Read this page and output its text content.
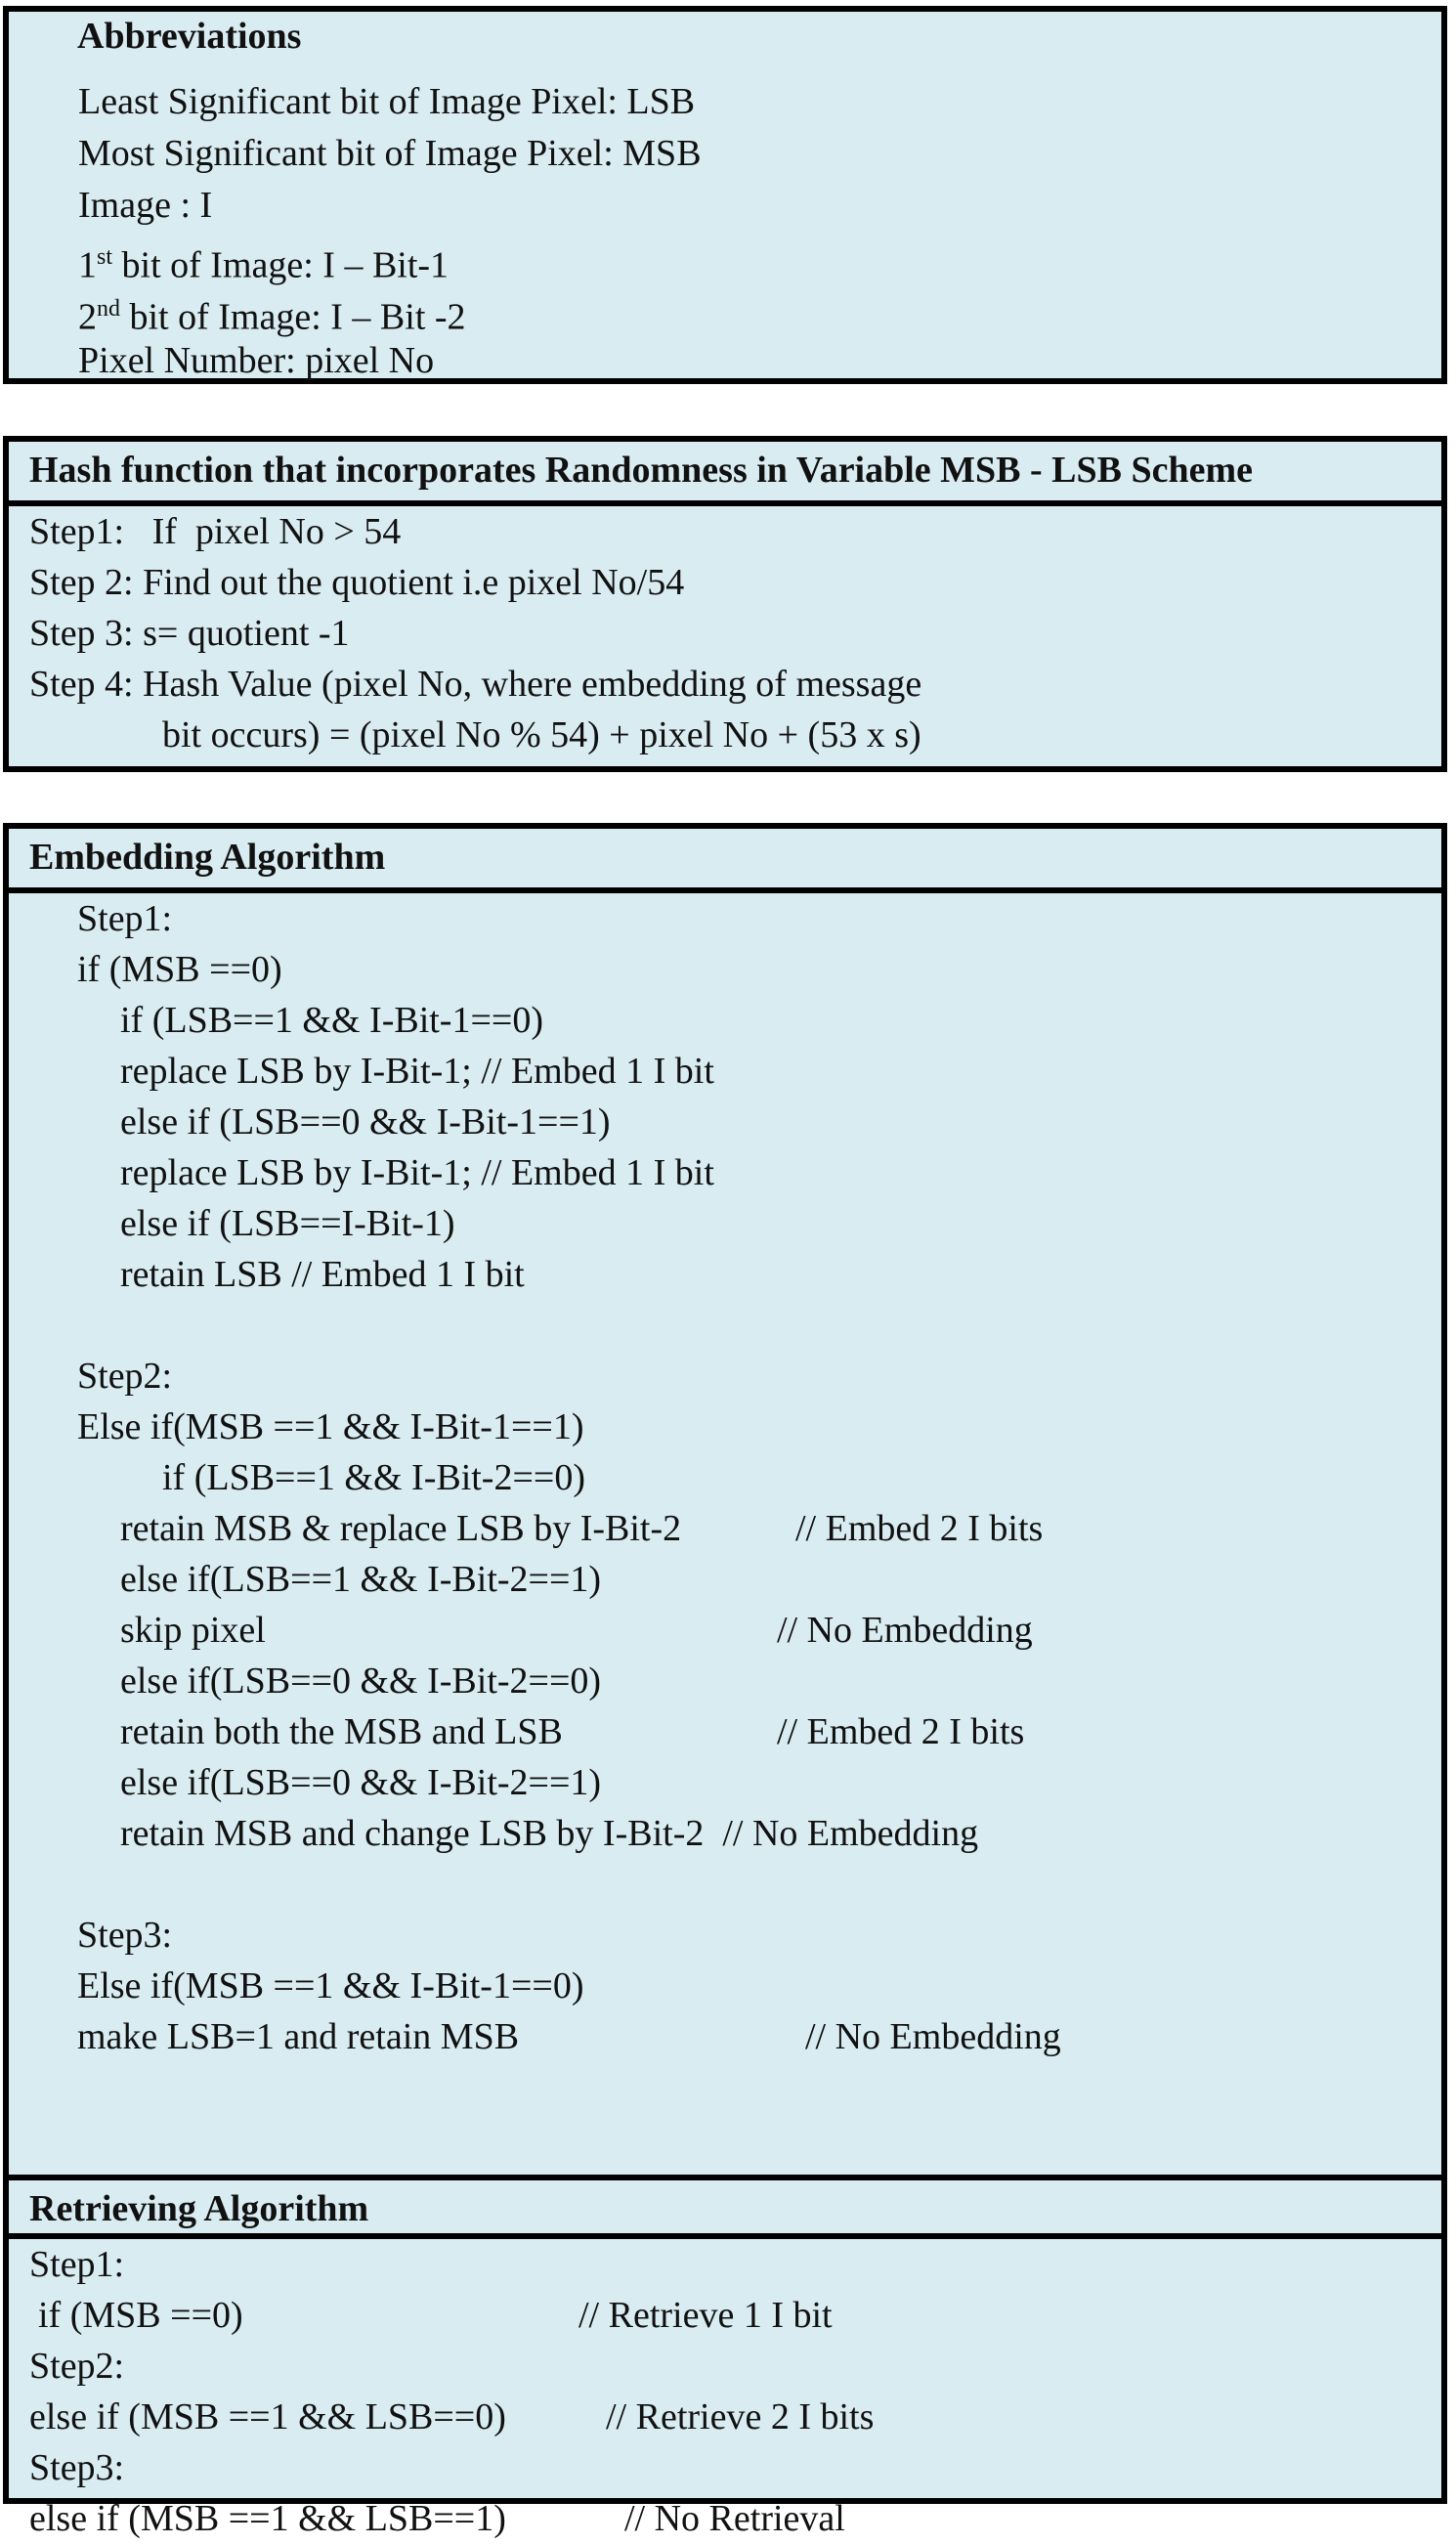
Abbreviations
Least Significant bit of Image Pixel: LSB
Most Significant bit of Image Pixel: MSB
Image : I
1st bit of Image: I – Bit-1
2nd bit of Image: I – Bit -2
Pixel Number: pixel No
Hash function that incorporates Randomness in Variable MSB - LSB Scheme
Step1:   If  pixel No > 54
Step 2: Find out the quotient i.e pixel No/54
Step 3: s= quotient -1
Step 4: Hash Value (pixel No, where embedding of message
bit occurs) = (pixel No % 54) + pixel No + (53 x s)
Embedding Algorithm
Step1:
if (MSB ==0)
if (LSB==1 && I-Bit-1==0)
replace LSB by I-Bit-1; // Embed 1 I bit
else if (LSB==0 && I-Bit-1==1)
replace LSB by I-Bit-1; // Embed 1 I bit
else if (LSB==I-Bit-1)
retain LSB // Embed 1 I bit
Step2:
Else if(MSB ==1 && I-Bit-1==1)
if (LSB==1 && I-Bit-2==0)
retain MSB & replace LSB by I-Bit-2	// Embed 2 I bits
else if(LSB==1 && I-Bit-2==1)
skip pixel	// No Embedding
else if(LSB==0 && I-Bit-2==0)
retain both the MSB and LSB	// Embed 2 I bits
else if(LSB==0 && I-Bit-2==1)
retain MSB and change LSB by I-Bit-2  // No Embedding
Step3:
Else if(MSB ==1 && I-Bit-1==0)
make LSB=1 and retain MSB	// No Embedding
Retrieving Algorithm
Step1:
if (MSB ==0)	// Retrieve 1 I bit
Step2:
else if (MSB ==1 && LSB==0)	// Retrieve 2 I bits
Step3:
else if (MSB ==1 && LSB==1)	// No Retrieval
